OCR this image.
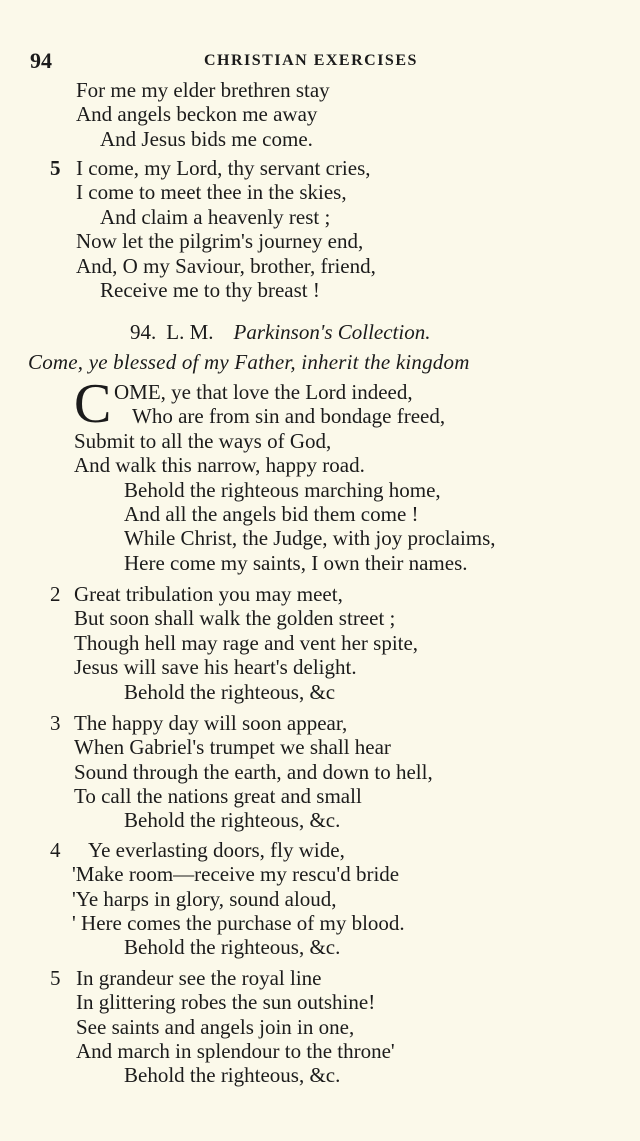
94	CHRISTIAN EXERCISES
For me my elder brethren stay
And angels beckon me away
And Jesus bids me come.
5 I come, my Lord, thy servant cries,
I come to meet thee in the skies,
And claim a heavenly rest ;
Now let the pilgrim's journey end,
And, O my Saviour, brother, friend,
Receive me to thy breast !
94. L. M. Parkinson's Collection.
Come, ye blessed of my Father, inherit the kingdom
C OME, ye that love the Lord indeed,
Who are from sin and bondage freed,
Submit to all the ways of God,
And walk this narrow, happy road.
Behold the righteous marching home,
And all the angels bid them come !
While Christ, the Judge, with joy proclaims,
Here come my saints, I own their names.
2 Great tribulation you may meet,
But soon shall walk the golden street ;
Though hell may rage and vent her spite,
Jesus will save his heart's delight.
Behold the righteous, &c
3 The happy day will soon appear,
When Gabriel's trumpet we shall hear
Sound through the earth, and down to hell,
To call the nations great and small
Behold the righteous, &c.
4 Ye everlasting doors, fly wide,
'Make room—receive my rescu'd bride
'Ye harps in glory, sound aloud,
' Here comes the purchase of my blood.
Behold the righteous, &c.
5 In grandeur see the royal line
In glittering robes the sun outshine!
See saints and angels join in one,
And march in splendour to the throne'
Behold the righteous, &c.
